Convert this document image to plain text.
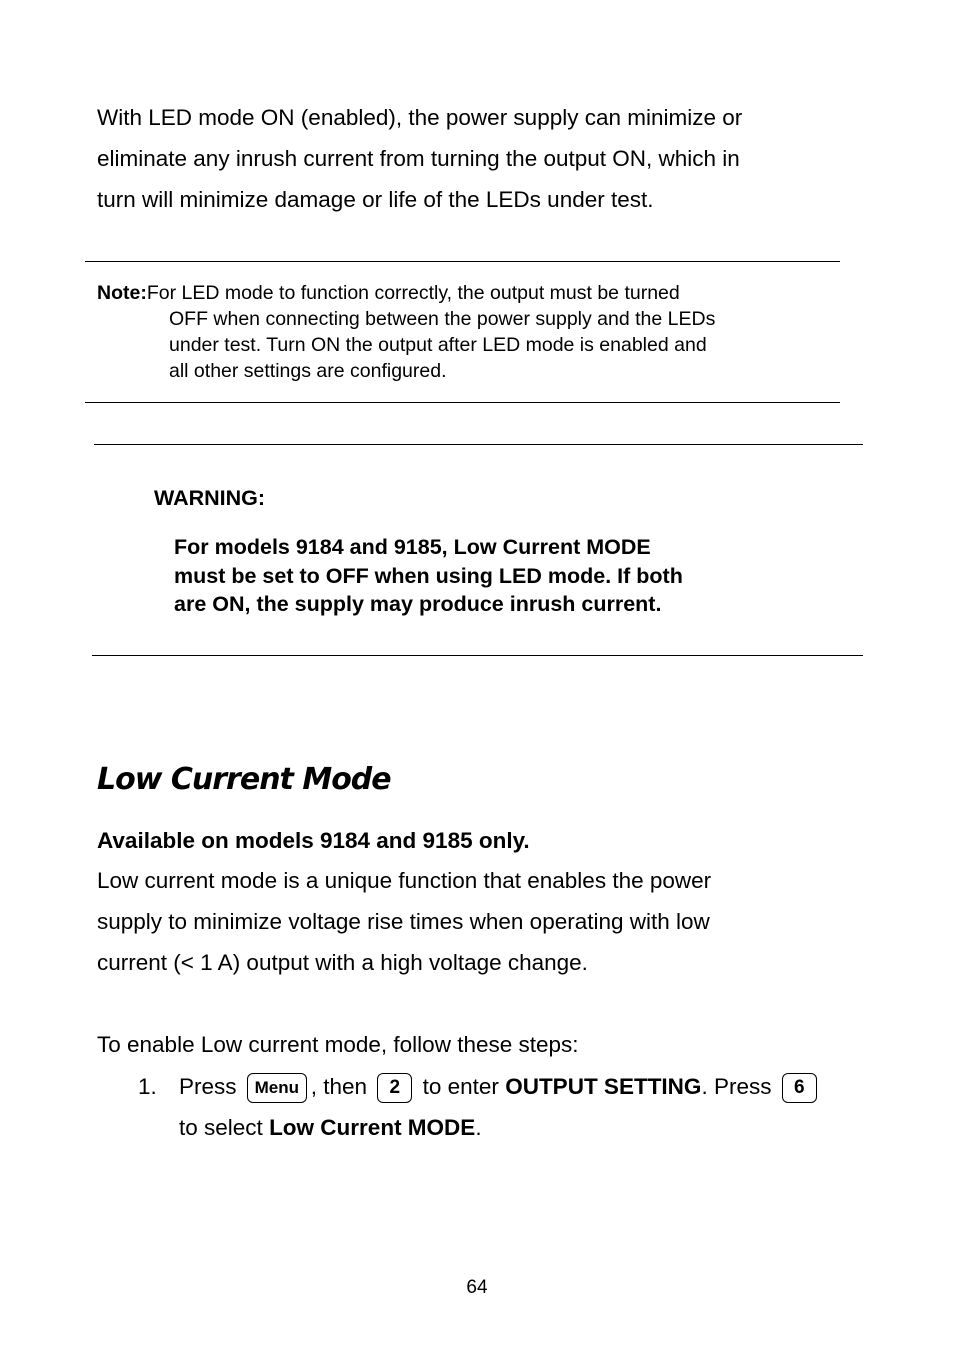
With LED mode ON (enabled), the power supply can minimize or
eliminate any inrush current from turning the output ON, which in
turn will minimize damage or life of the LEDs under test.
Note:For LED mode to function correctly, the output must be turned
OFF when connecting between the power supply and the LEDs
under test. Turn ON the output after LED mode is enabled and
all other settings are configured.
WARNING:
For models 9184 and 9185, Low Current MODE
must be set to OFF when using LED mode. If both
are ON, the supply may produce inrush current.
Low Current Mode
Available on models 9184 and 9185 only.
Low current mode is a unique function that enables the power
supply to minimize voltage rise times when operating with low
current (< 1 A) output with a high voltage change.
To enable Low current mode, follow these steps:
1. Press Menu , then 2 to enter OUTPUT SETTING. Press 6
to select Low Current MODE.
64
